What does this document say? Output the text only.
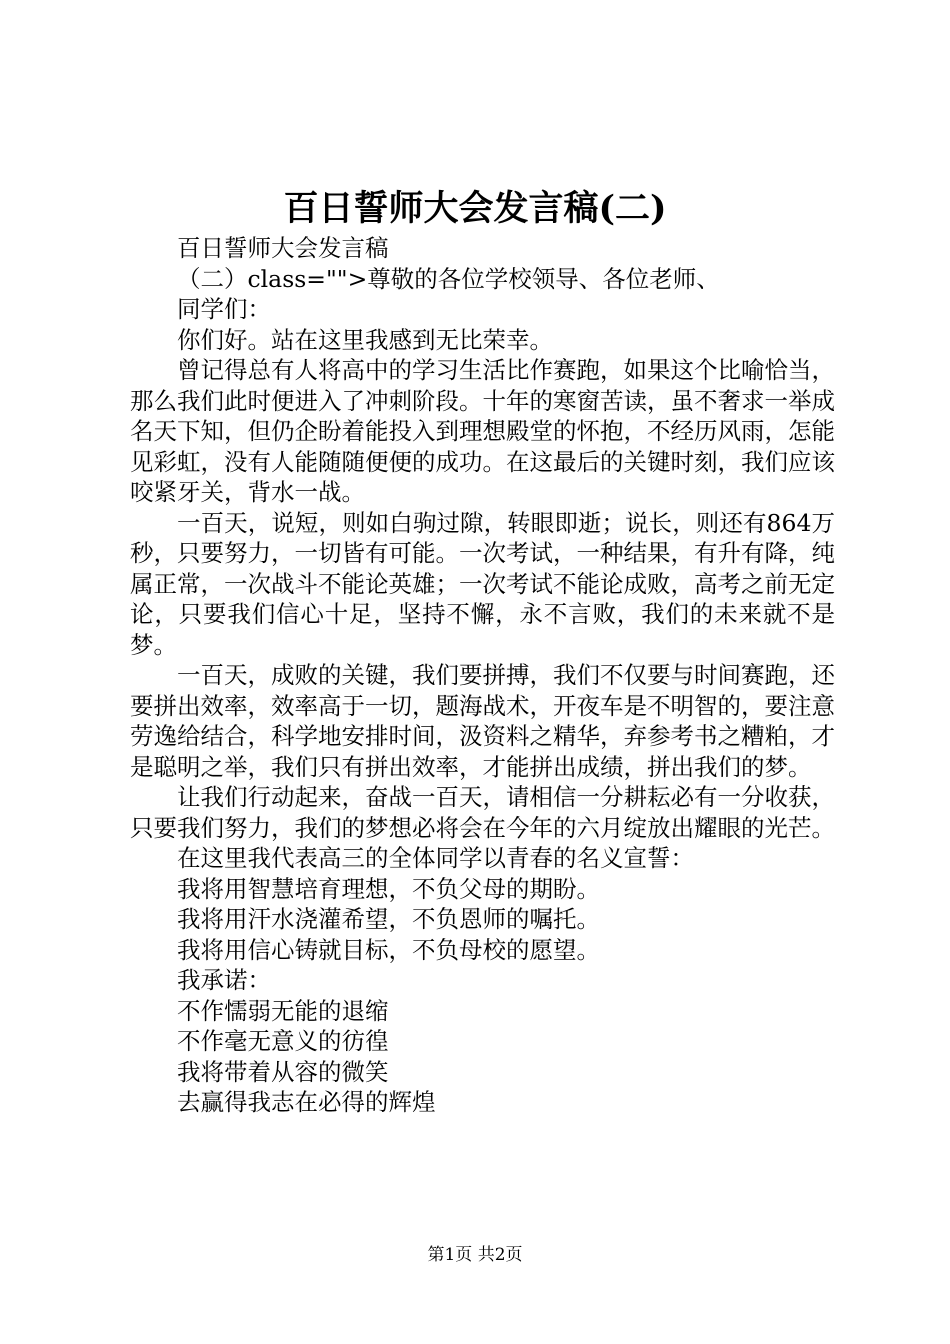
百日誓师大会发言稿(二)

百日誓师大会发言稿

（二）class="">尊敬的各位学校领导、各位老师、

同学们：

你们好。站在这里我感到无比荣幸。

曾记得总有人将高中的学习生活比作赛跑，如果这个比喻恰当，那么我们此时便进入了冲刺阶段。十年的寒窗苦读，虽不奢求一举成名天下知，但仍企盼着能投入到理想殿堂的怀抱，不经历风雨，怎能见彩虹，没有人能随随便便的成功。在这最后的关键时刻，我们应该咬紧牙关，背水一战。

一百天，说短，则如白驹过隙，转眼即逝；说长，则还有864万秒，只要努力，一切皆有可能。一次考试，一种结果，有升有降，纯属正常，一次战斗不能论英雄；一次考试不能论成败，高考之前无定论，只要我们信心十足，坚持不懈，永不言败，我们的未来就不是梦。

一百天，成败的关键，我们要拼搏，我们不仅要与时间赛跑，还要拼出效率，效率高于一切，题海战术，开夜车是不明智的，要注意劳逸给结合，科学地安排时间，汲资料之精华，弃参考书之糟粕，才是聪明之举，我们只有拼出效率，才能拼出成绩，拼出我们的梦。

让我们行动起来，奋战一百天，请相信一分耕耘必有一分收获，只要我们努力，我们的梦想必将会在今年的六月绽放出耀眼的光芒。

在这里我代表高三的全体同学以青春的名义宣誓：

我将用智慧培育理想，不负父母的期盼。

我将用汗水浇灌希望，不负恩师的嘱托。

我将用信心铸就目标，不负母校的愿望。

我承诺：

不作懦弱无能的退缩

不作毫无意义的彷徨

我将带着从容的微笑

去赢得我志在必得的辉煌

第1页 共2页
